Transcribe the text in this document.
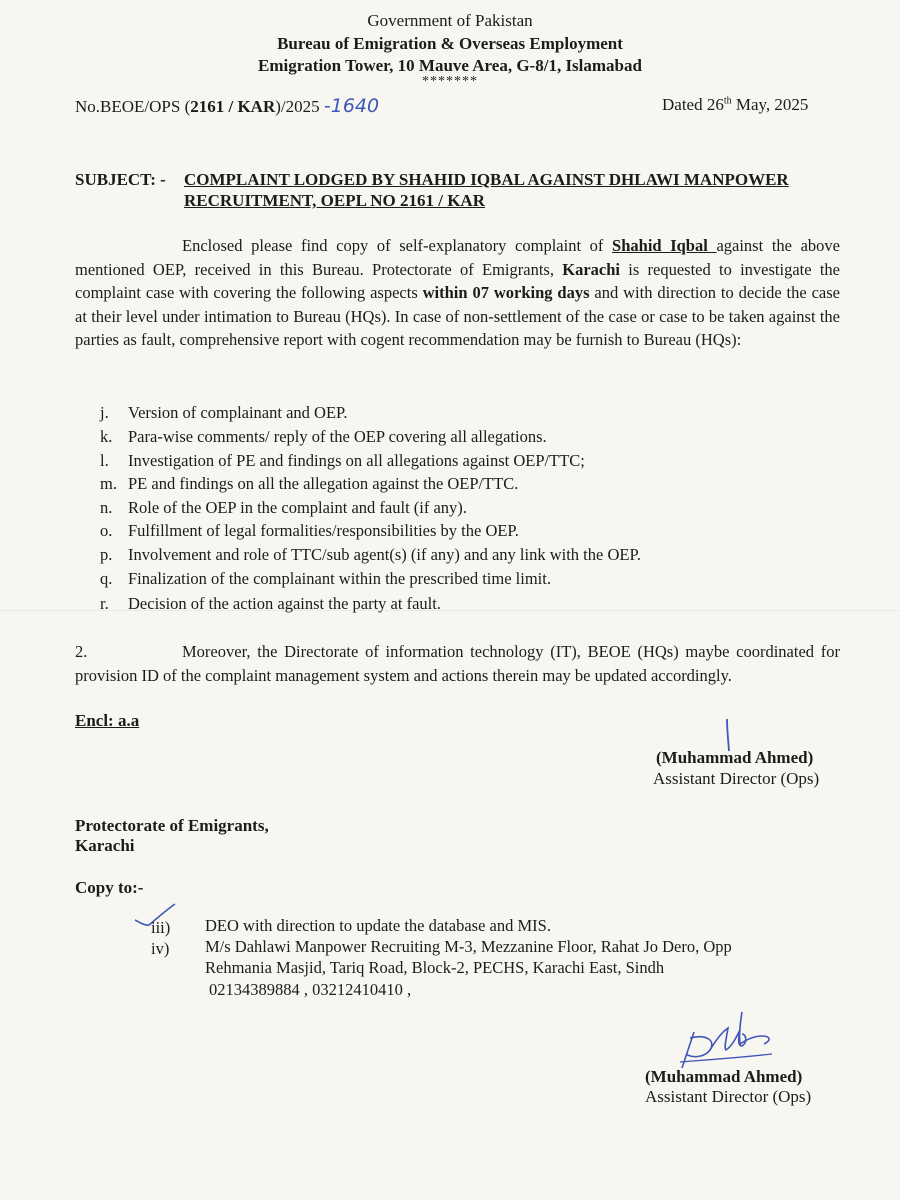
Government of Pakistan
Bureau of Emigration & Overseas Employment
Emigration Tower, 10 Mauve Area, G-8/1, Islamabad
*******
No.BEOE/OPS (2161 / KAR)/2025 -1640	Dated 26th May, 2025
SUBJECT: - COMPLAINT LODGED BY SHAHID IQBAL AGAINST DHLAWI MANPOWER
RECRUITMENT, OEPL NO 2161 / KAR
Enclosed please find copy of self-explanatory complaint of Shahid Iqbal against the above mentioned OEP, received in this Bureau. Protectorate of Emigrants, Karachi is requested to investigate the complaint case with covering the following aspects within 07 working days and with direction to decide the case at their level under intimation to Bureau (HQs). In case of non-settlement of the case or case to be taken against the parties as fault, comprehensive report with cogent recommendation may be furnish to Bureau (HQs):
j. Version of complainant and OEP.
k. Para-wise comments/ reply of the OEP covering all allegations.
l. Investigation of PE and findings on all allegations against OEP/TTC;
m. PE and findings on all the allegation against the OEP/TTC.
n. Role of the OEP in the complaint and fault (if any).
o. Fulfillment of legal formalities/responsibilities by the OEP.
p. Involvement and role of TTC/sub agent(s) (if any) and any link with the OEP.
q. Finalization of the complainant within the prescribed time limit.
r. Decision of the action against the party at fault.
2.	Moreover, the Directorate of information technology (IT), BEOE (HQs) maybe coordinated for provision ID of the complaint management system and actions therein may be updated accordingly.
Encl: a.a
(Muhammad Ahmed)
Assistant Director (Ops)
Protectorate of Emigrants,
Karachi
Copy to:-
iii) DEO with direction to update the database and MIS.
iv) M/s Dahlawi Manpower Recruiting M-3, Mezzanine Floor, Rahat Jo Dero, Opp
Rehmania Masjid, Tariq Road, Block-2, PECHS, Karachi East, Sindh
02134389884 , 03212410410 ,
(Muhammad Ahmed)
Assistant Director (Ops)
